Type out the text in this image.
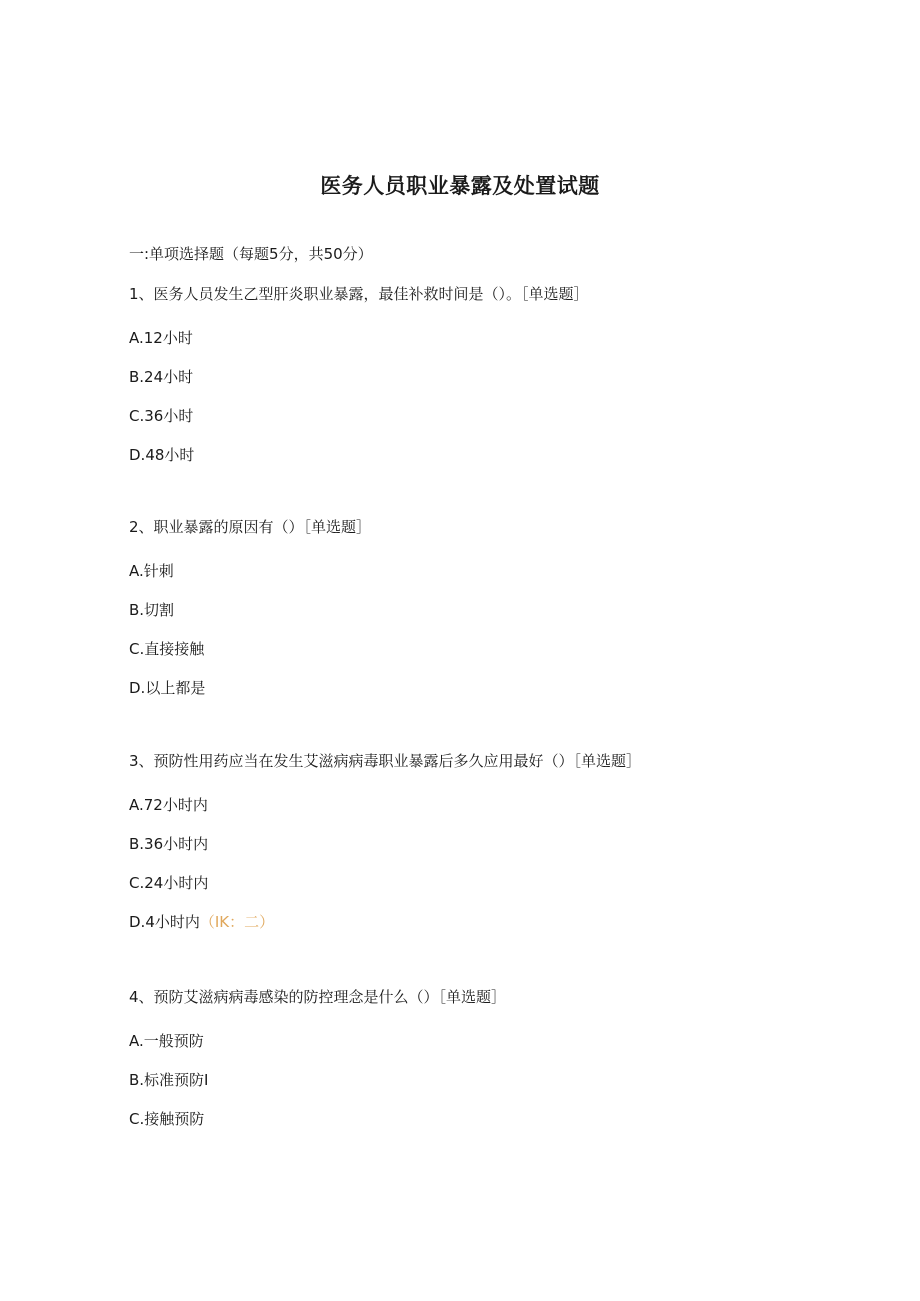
医务人员职业暴露及处置试题
一:单项选择题（每题5分，共50分）
1、医务人员发生乙型肝炎职业暴露，最佳补救时间是（）。［单选题］
A.12小时
B.24小时
C.36小时
D.48小时
2、职业暴露的原因有（）［单选题］
A.针刺
B.切割
C.直接接触
D.以上都是
3、预防性用药应当在发生艾滋病病毒职业暴露后多久应用最好（）［单选题］
A.72小时内
B.36小时内
C.24小时内
D.4小时内（IK：二）
4、预防艾滋病病毒感染的防控理念是什么（）［单选题］
A.一般预防
B.标准预防I
C.接触预防
